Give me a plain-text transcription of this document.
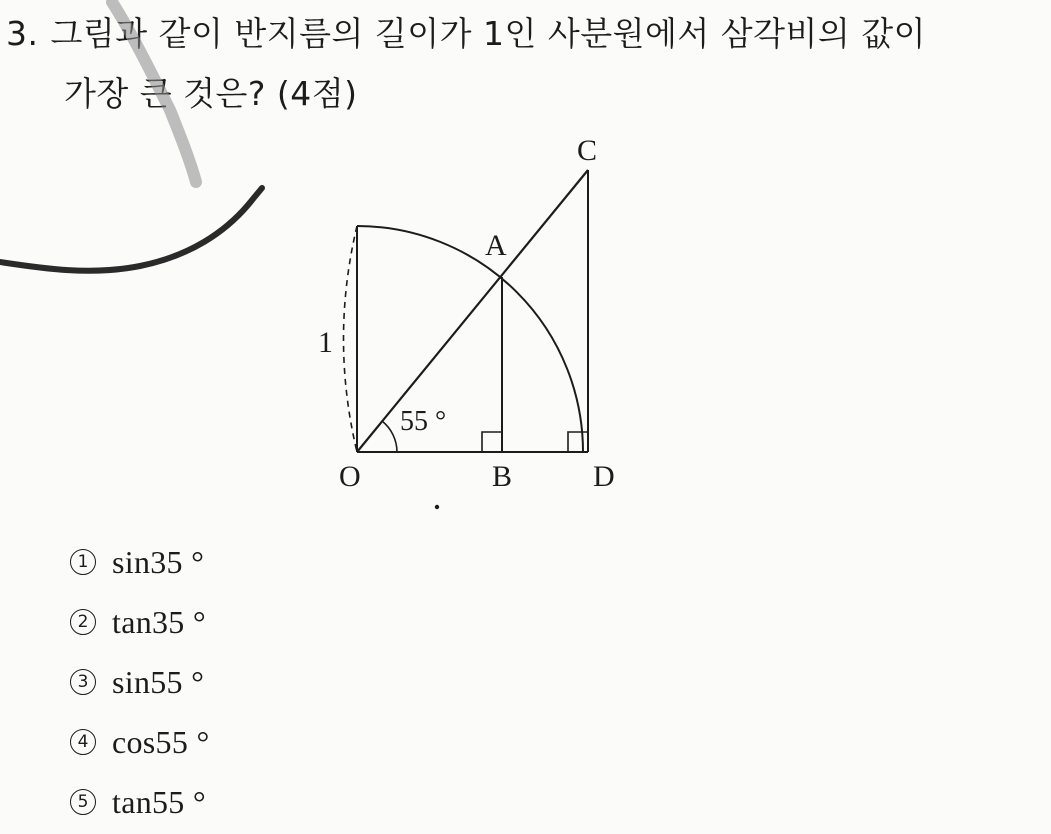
3. 그림과 같이 반지름의 길이가 1인 사분원에서 삼각비의 값이
가장 큰 것은? (4점)
C
A
1
55 °
O	B	D
1 sin35 °
2 tan35 °
3 sin55 °
4 cos55 °
5 tan55 °
